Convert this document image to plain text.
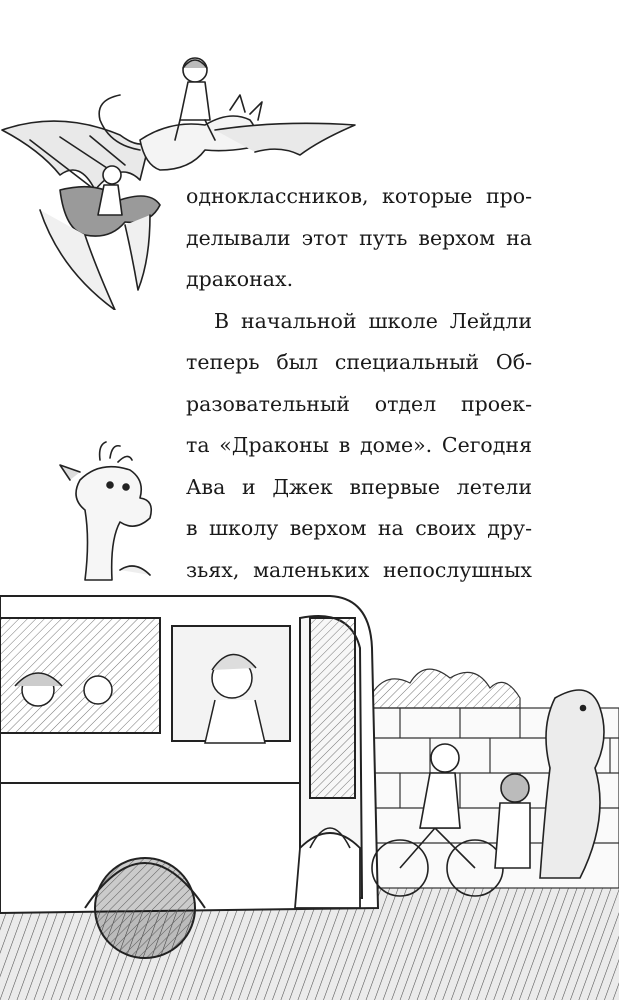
одноклассников, которые про-
делывали этот путь верхом на
драконах.
В начальной школе Лейдли
теперь был специальный Об-
разовательный отдел проек-
та «Драконы в доме». Сегодня
Ава и Джек впервые летели
в школу верхом на своих дру-
зьях, маленьких непослушных
